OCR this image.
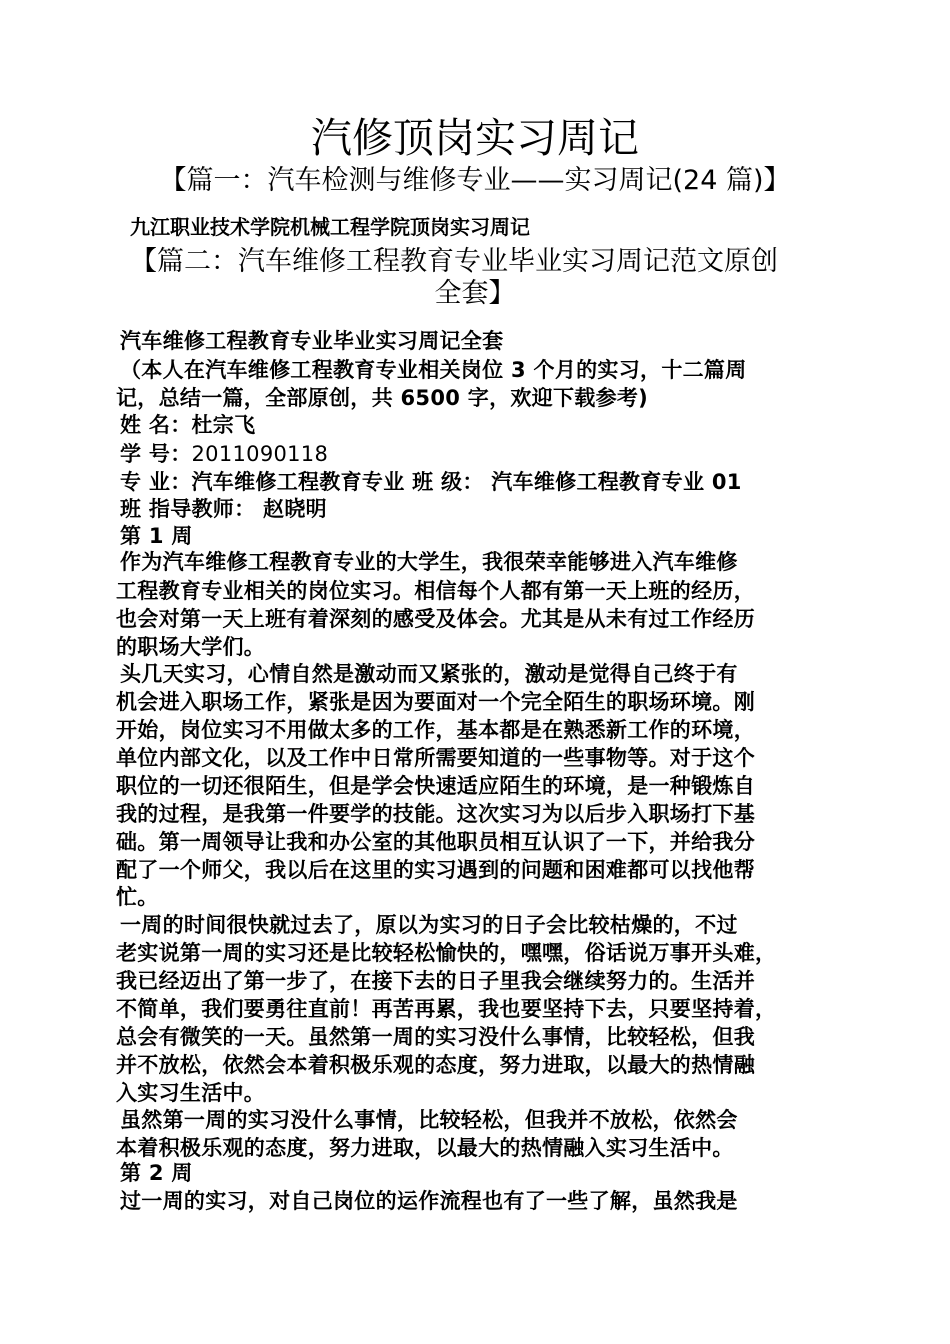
汽修顶岗实习周记
【篇一：汽车检测与维修专业——实习周记(24 篇)】
九江职业技术学院机械工程学院顶岗实习周记
【篇二：汽车维修工程教育专业毕业实习周记范文原创
全套】
汽车维修工程教育专业毕业实习周记全套
（本人在汽车维修工程教育专业相关岗位 3 个月的实习，十二篇周
记，总结一篇，全部原创，共 6500 字，欢迎下载参考)
姓 名：杜宗飞
学 号：2011090118
专 业：汽车维修工程教育专业 班 级： 汽车维修工程教育专业 01
班 指导教师： 赵晓明
第 1 周
作为汽车维修工程教育专业的大学生，我很荣幸能够进入汽车维修
工程教育专业相关的岗位实习。相信每个人都有第一天上班的经历，
也会对第一天上班有着深刻的感受及体会。尤其是从未有过工作经历
的职场大学们。
头几天实习，心情自然是激动而又紧张的，激动是觉得自己终于有
机会进入职场工作，紧张是因为要面对一个完全陌生的职场环境。刚
开始，岗位实习不用做太多的工作，基本都是在熟悉新工作的环境，
单位内部文化，以及工作中日常所需要知道的一些事物等。对于这个
职位的一切还很陌生，但是学会快速适应陌生的环境，是一种锻炼自
我的过程，是我第一件要学的技能。这次实习为以后步入职场打下基
础。第一周领导让我和办公室的其他职员相互认识了一下，并给我分
配了一个师父，我以后在这里的实习遇到的问题和困难都可以找他帮
忙。
一周的时间很快就过去了，原以为实习的日子会比较枯燥的，不过
老实说第一周的实习还是比较轻松愉快的，嘿嘿，俗话说万事开头难，
我已经迈出了第一步了，在接下去的日子里我会继续努力的。生活并
不简单，我们要勇往直前！再苦再累，我也要坚持下去，只要坚持着，
总会有微笑的一天。虽然第一周的实习没什么事情，比较轻松，但我
并不放松，依然会本着积极乐观的态度，努力进取，以最大的热情融
入实习生活中。
虽然第一周的实习没什么事情，比较轻松，但我并不放松，依然会
本着积极乐观的态度，努力进取，以最大的热情融入实习生活中。
第 2 周
过一周的实习，对自己岗位的运作流程也有了一些了解，虽然我是
